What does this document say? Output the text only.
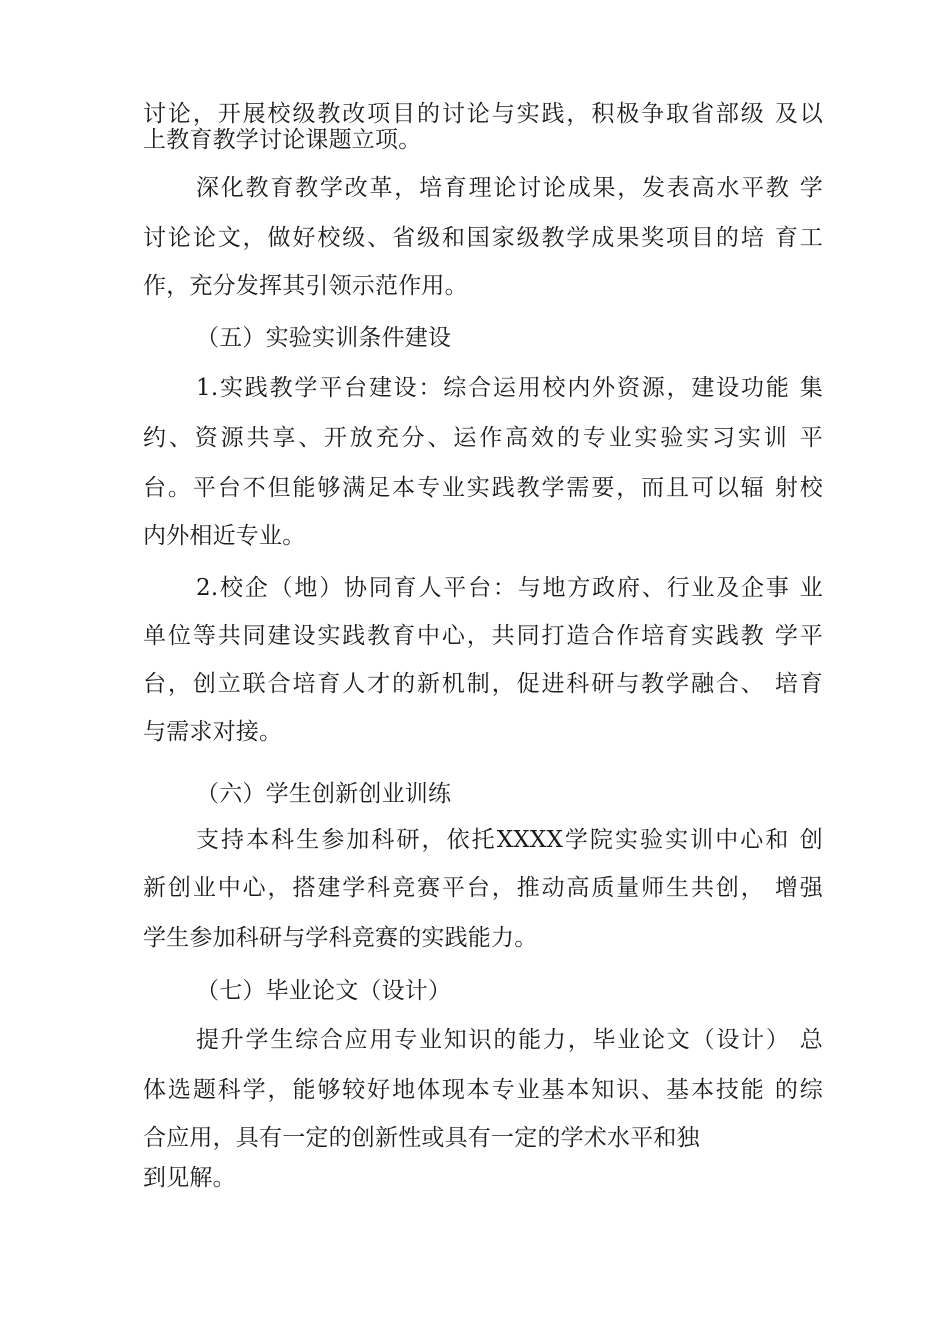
讨论，开展校级教改项目的讨论与实践，积极争取省部级 及以
上教育教学讨论课题立项。
深化教育教学改革，培育理论讨论成果，发表高水平教 学
讨论论文，做好校级、省级和国家级教学成果奖项目的培 育工
作，充分发挥其引领示范作用。
（五）实验实训条件建设
1.实践教学平台建设：综合运用校内外资源，建设功能 集
约、资源共享、开放充分、运作高效的专业实验实习实训 平
台。平台不但能够满足本专业实践教学需要，而且可以辐 射校
内外相近专业。
2.校企（地）协同育人平台：与地方政府、行业及企事 业
单位等共同建设实践教育中心，共同打造合作培育实践教 学平
台，创立联合培育人才的新机制，促进科研与教学融合、 培育
与需求对接。
（六）学生创新创业训练
支持本科生参加科研，依托XXXX学院实验实训中心和 创
新创业中心，搭建学科竞赛平台，推动高质量师生共创， 增强
学生参加科研与学科竞赛的实践能力。
（七）毕业论文（设计）
提升学生综合应用专业知识的能力，毕业论文（设计） 总
体选题科学，能够较好地体现本专业基本知识、基本技能 的综
合应用，具有一定的创新性或具有一定的学术水平和独
到见解。
